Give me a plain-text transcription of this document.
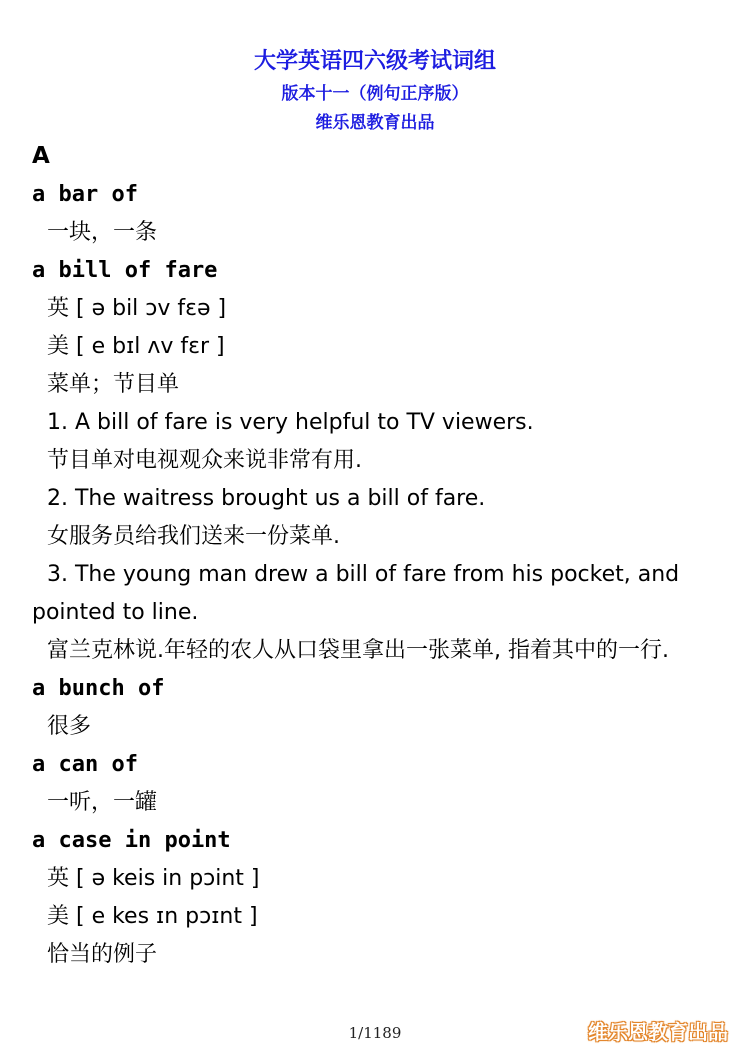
大学英语四六级考试词组
版本十一（例句正序版）
维乐恩教育出品
A
a bar of
一块，一条
a bill of fare
英 [ ə bil ɔv fɛə ]
美 [ e bɪl ʌv fɛr ]
菜单；节目单
1. A bill of fare is very helpful to TV viewers.
节目单对电视观众来说非常有用.
2. The waitress brought us a bill of fare.
女服务员给我们送来一份菜单.
3. The young man drew a bill of fare from his pocket, and pointed to line.
富兰克林说.年轻的农人从口袋里拿出一张菜单, 指着其中的一行.
a bunch of
很多
a can of
一听，一罐
a case in point
英 [ ə keis in pɔint ]
美 [ e kes ɪn pɔɪnt ]
恰当的例子
1/1189	维乐恩教育出品
